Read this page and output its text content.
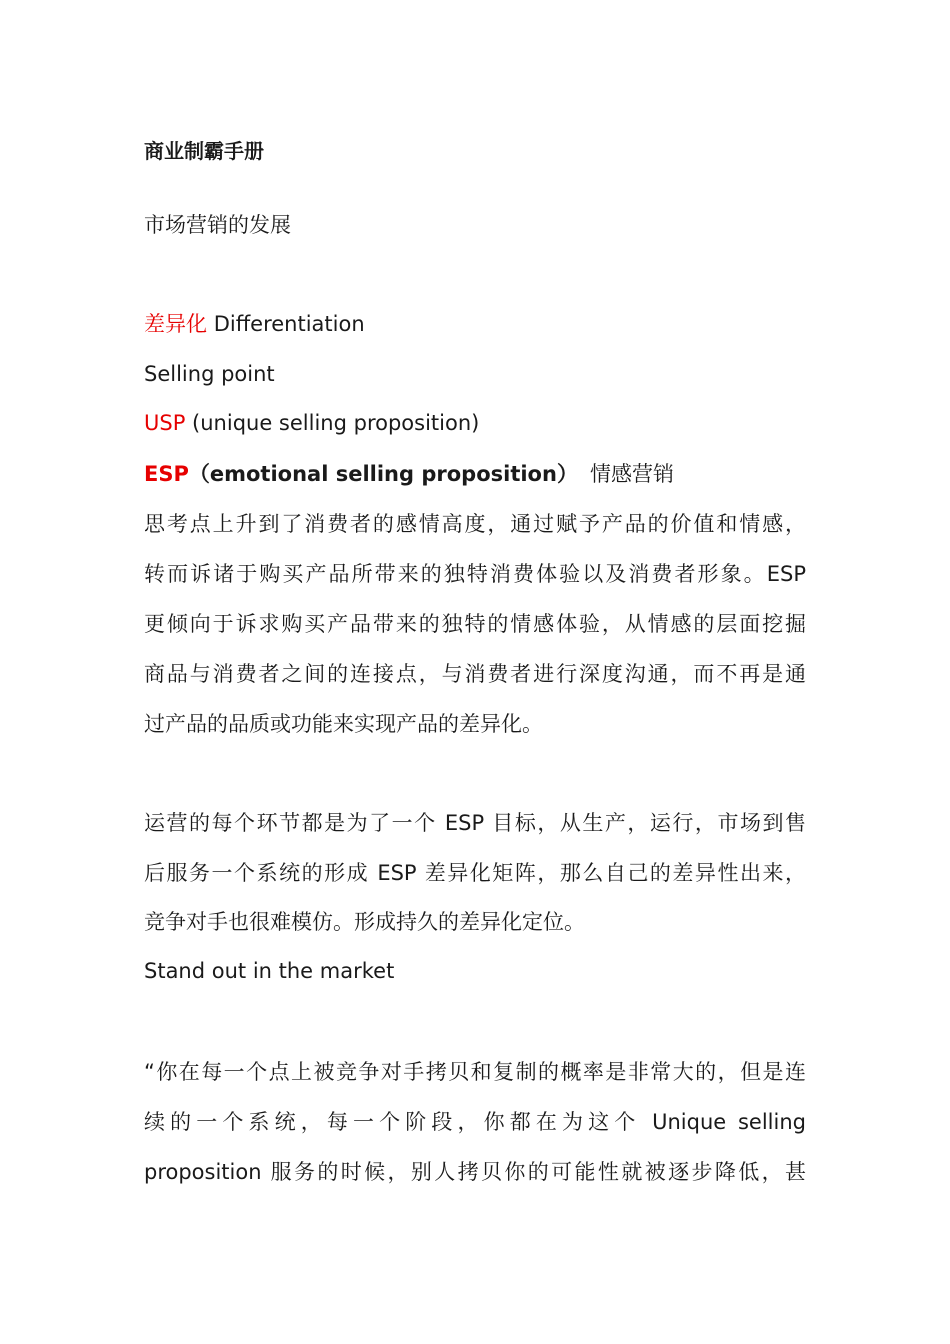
商业制霸手册
市场营销的发展
差异化 Differentiation
Selling point
USP (unique selling proposition)
ESP（emotional selling proposition） 情感营销
思考点上升到了消费者的感情高度，通过赋予产品的价值和情感，
转而诉诸于购买产品所带来的独特消费体验以及消费者形象。ESP
更倾向于诉求购买产品带来的独特的情感体验，从情感的层面挖掘
商品与消费者之间的连接点，与消费者进行深度沟通，而不再是通
过产品的品质或功能来实现产品的差异化。
运营的每个环节都是为了一个 ESP 目标，从生产，运行，市场到售
后服务一个系统的形成 ESP 差异化矩阵，那么自己的差异性出来，
竞争对手也很难模仿。形成持久的差异化定位。
Stand out in the market
“你在每一个点上被竞争对手拷贝和复制的概率是非常大的，但是连
续的一个系统，每一个阶段，你都在为这个 Unique selling
proposition 服务的时候，别人拷贝你的可能性就被逐步降低，甚
